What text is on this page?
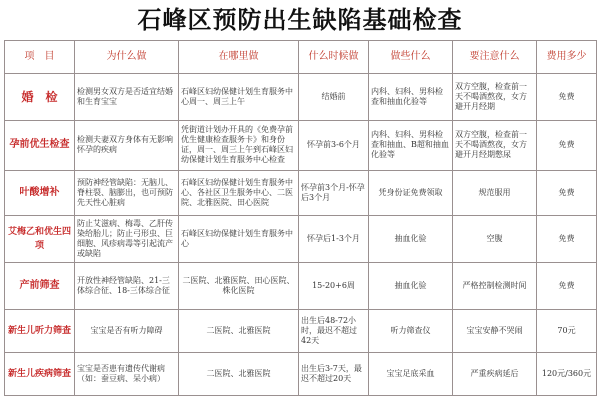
石峰区预防出生缺陷基础检查
项　目	为什么做	在哪里做	什么时候做	做些什么	要注意什么	费用多少
婚　检	检测男女双方是否适宜结婚和生育宝宝	石峰区妇幼保健计划生育服务中心周一、周三上午	结婚前	内科、妇科、男科检查和抽血化验等	双方空腹，检查前一天不喝酒熬夜，女方避开月经期	免费
孕前优生检查	检测夫妻双方身体有无影响怀孕的疾病	凭街道计划办开具的《免费孕前优生健康检查服务卡》和身份证，周一、周三上午到石峰区妇幼保健计划生育服务中心检查	怀孕前3-6个月	内科、妇科、男科检查和抽血、B超和抽血化验等	双方空腹，检查前一天不喝酒熬夜，女方避开月经期憋尿	免费
叶酸增补	预防神经管缺陷：无脑儿、脊柱裂、脑膨出，也可预防先天性心脏病	石峰区妇幼保健计划生育服务中心、各社区卫生服务中心、二医院、北雅医院、田心医院	怀孕前3个月-怀孕后3个月	凭身份证免费领取	规范服用	免费
艾梅乙和优生四项	防止艾滋病、梅毒、乙肝传染给胎儿；防止弓形虫、巨细胞、风疹病毒等引起流产或缺陷	石峰区妇幼保健计划生育服务中心	怀孕后1-3个月	抽血化验	空腹	免费
产前筛查	开放性神经管缺陷、21-三体综合征、18-三体综合征	二医院、北雅医院、田心医院、株化医院	15-20+6周	抽血化验	严格控制检测时间	免费
新生儿听力筛查	宝宝是否有听力障碍	二医院、北雅医院	出生后48-72小时，最迟不超过42天	听力筛查仪	宝宝安静不哭闹	70元
新生儿疾病筛查	宝宝是否患有遗传代谢病（如：蚕豆病、呆小病）	二医院、北雅医院	出生后3-7天，最迟不超过20天	宝宝足底采血	严重疾病延后	120元/360元
